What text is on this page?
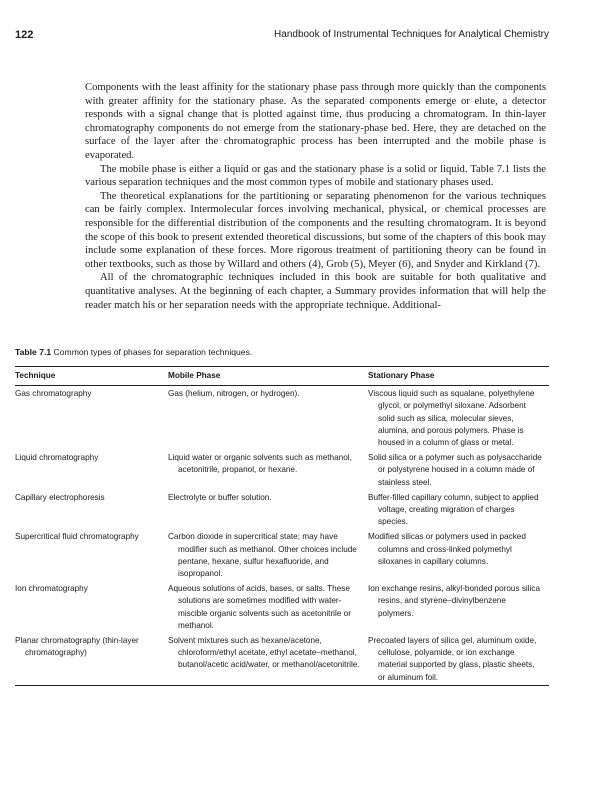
122	Handbook of Instrumental Techniques for Analytical Chemistry

Components with the least affinity for the stationary phase pass through more quickly than the components with greater affinity for the stationary phase. As the separated components emerge or elute, a detector responds with a signal change that is plotted against time, thus producing a chromatogram. In thin-layer chromatography components do not emerge from the stationary-phase bed. Here, they are detached on the surface of the layer after the chromatographic process has been interrupted and the mobile phase is evaporated.

The mobile phase is either a liquid or gas and the stationary phase is a solid or liquid. Table 7.1 lists the various separation techniques and the most common types of mobile and stationary phases used.

The theoretical explanations for the partitioning or separating phenomenon for the various techniques can be fairly complex. Intermolecular forces involving mechanical, physical, or chemical processes are responsible for the differential distribution of the components and the resulting chromatogram. It is beyond the scope of this book to present extended theoretical discussions, but some of the chapters of this book may include some explanation of these forces. More rigorous treatment of partitioning theory can be found in other textbooks, such as those by Willard and others (4), Grob (5), Meyer (6), and Snyder and Kirkland (7).

All of the chromatographic techniques included in this book are suitable for both qualitative and quantitative analyses. At the beginning of each chapter, a Summary provides information that will help the reader match his or her separation needs with the appropriate technique. Additional-

Table 7.1 Common types of phases for separation techniques.
Technique	Mobile Phase	Stationary Phase

Gas chromatography	Gas (helium, nitrogen, or hydrogen).	Viscous liquid such as squalane, polyethylene glycol, or polymethyl siloxane. Adsorbent solid such as silica, molecular sieves, alumina, and porous polymers. Phase is housed in a column of glass or metal.

Liquid chromatography	Liquid water or organic solvents such as methanol, acetonitrile, propanol, or hexane.	Solid silica or a polymer such as polysaccharide or polystyrene housed in a column made of stainless steel.

Capillary electrophoresis	Electrolyte or buffer solution.	Buffer-filled capillary column, subject to applied voltage, creating migration of charges species.

Supercritical fluid chromatography	Carbon dioxide in supercritical state; may have modifier such as methanol. Other choices include pentane, hexane, sulfur hexafluoride, and isopropanol.	Modified silicas or polymers used in packed columns and cross-linked polymethyl siloxanes in capillary columns.

Ion chromatography	Aqueous solutions of acids, bases, or salts. These solutions are sometimes modified with water-miscible organic solvents such as acetonitrile or methanol.	Ion exchange resins, alkyl-bonded porous silica resins, and styrene–divinylbenzene polymers.

Planar chromatography (thin-layer chromatography)	Solvent mixtures such as hexane/acetone, chloroform/ethyl acetate, ethyl acetate–methanol, butanol/acetic acid/water, or methanol/acetonitrile.	Precoated layers of silica gel, aluminum oxide, cellulose, polyamide, or ion exchange material supported by glass, plastic sheets, or aluminum foil.
